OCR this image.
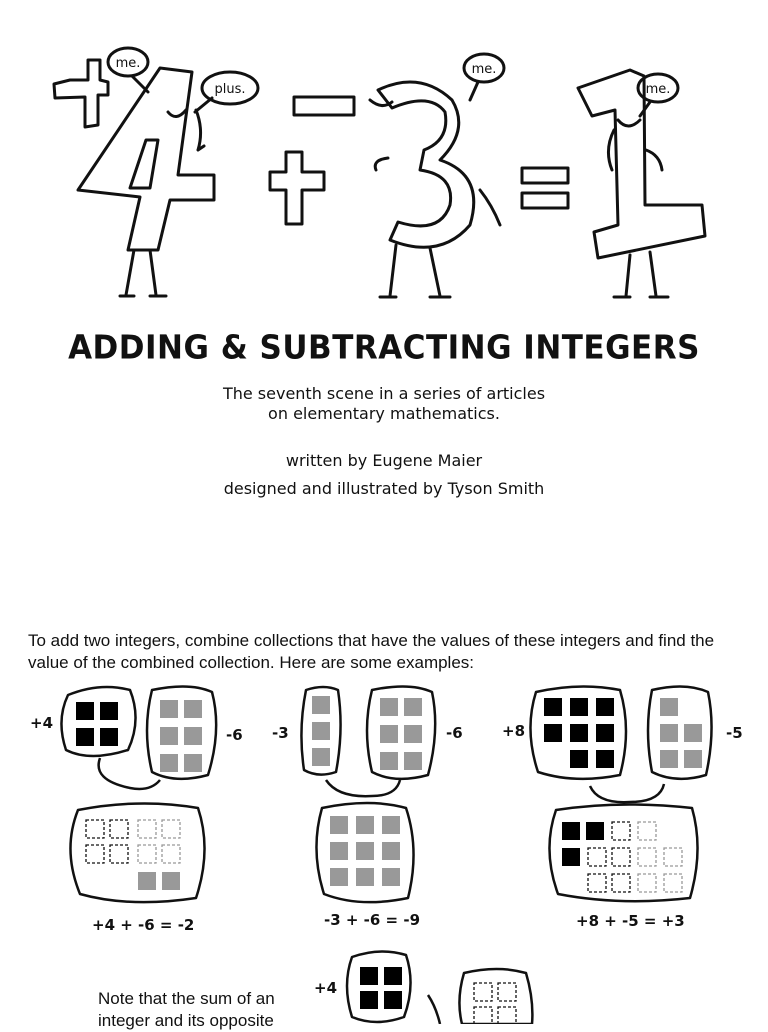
me.
plus.
me.
me.
ADDING & SUBTRACTING INTEGERS
The seventh scene in a series of articles
on elementary mathematics.
written by Eugene Maier
designed and illustrated by Tyson Smith
To add two integers, combine collections that have the values of these integers and find the value of the combined collection. Here are some examples:
+4
-6
+4 + -6 = -2
-3	-6
-3 + -6 = -9
+8	-5
+8 + -5 = +3
Note that the sum of an integer and its opposite
+4
